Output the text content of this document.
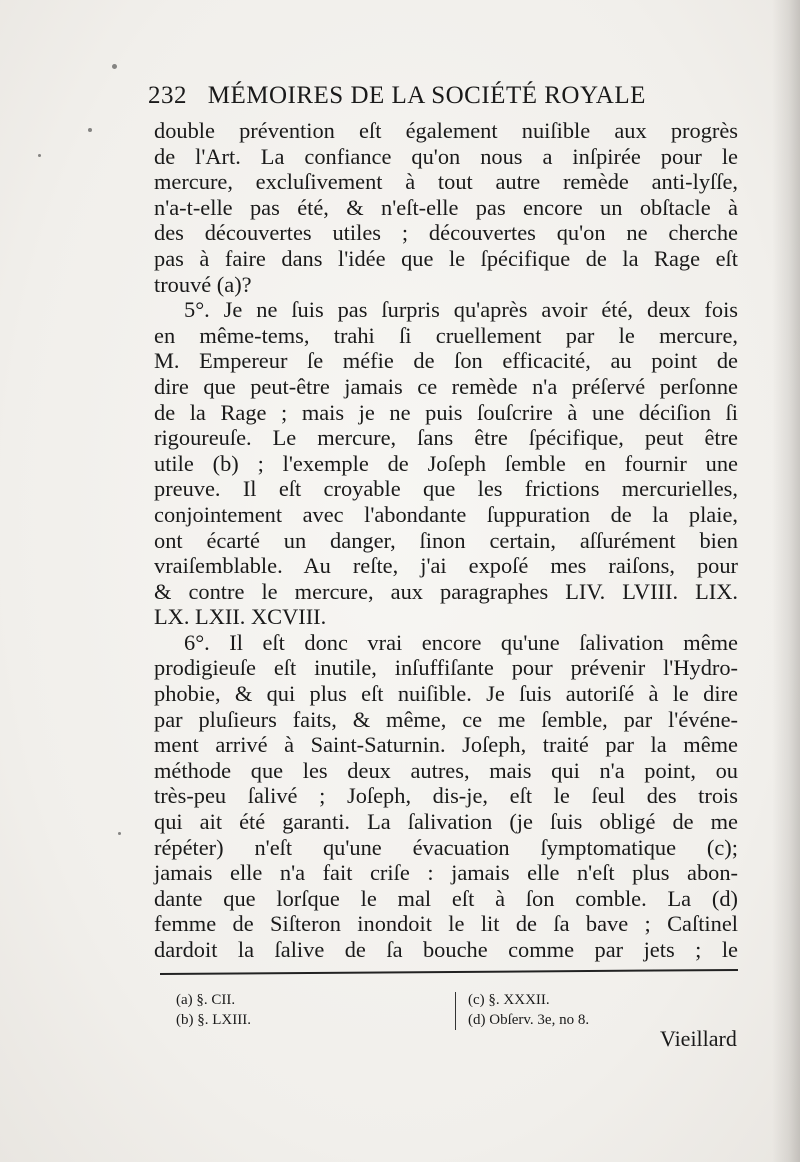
232 MÉMOIRES DE LA SOCIÉTÉ ROYALE
double prévention eſt également nuiſible aux progrès
de l'Art. La confiance qu'on nous a inſpirée pour le
mercure, excluſivement à tout autre remède anti-lyſſe,
n'a-t-elle pas été, & n'eſt-elle pas encore un obſtacle à
des découvertes utiles ; découvertes qu'on ne cherche
pas à faire dans l'idée que le ſpécifique de la Rage eſt
trouvé (a)?
5°. Je ne ſuis pas ſurpris qu'après avoir été, deux fois
en même-tems, trahi ſi cruellement par le mercure,
M. Empereur ſe méfie de ſon efficacité, au point de
dire que peut-être jamais ce remède n'a préſervé perſonne
de la Rage ; mais je ne puis ſouſcrire à une déciſion ſi
rigoureuſe. Le mercure, ſans être ſpécifique, peut être
utile (b) ; l'exemple de Joſeph ſemble en fournir une
preuve. Il eſt croyable que les frictions mercurielles,
conjointement avec l'abondante ſuppuration de la plaie,
ont écarté un danger, ſinon certain, aſſurément bien
vraiſemblable. Au reſte, j'ai expoſé mes raiſons, pour
& contre le mercure, aux paragraphes LIV. LVIII. LIX.
LX. LXII. XCVIII.
6°. Il eſt donc vrai encore qu'une ſalivation même
prodigieuſe eſt inutile, inſuffiſante pour prévenir l'Hydro-
phobie, & qui plus eſt nuiſible. Je ſuis autoriſé à le dire
par pluſieurs faits, & même, ce me ſemble, par l'événe-
ment arrivé à Saint-Saturnin. Joſeph, traité par la même
méthode que les deux autres, mais qui n'a point, ou
très-peu ſalivé ; Joſeph, dis-je, eſt le ſeul des trois
qui ait été garanti. La ſalivation (je ſuis obligé de me
répéter) n'eſt qu'une évacuation ſymptomatique (c);
jamais elle n'a fait criſe : jamais elle n'eſt plus abon-
dante que lorſque le mal eſt à ſon comble. La (d)
femme de Siſteron inondoit le lit de ſa bave ; Caſtinel
dardoit la ſalive de ſa bouche comme par jets ; le
(a) §. CII.
(b) §. LXIII.
(c) §. XXXII.
(d) Obſerv. 3e, no 8.
Vieillard
